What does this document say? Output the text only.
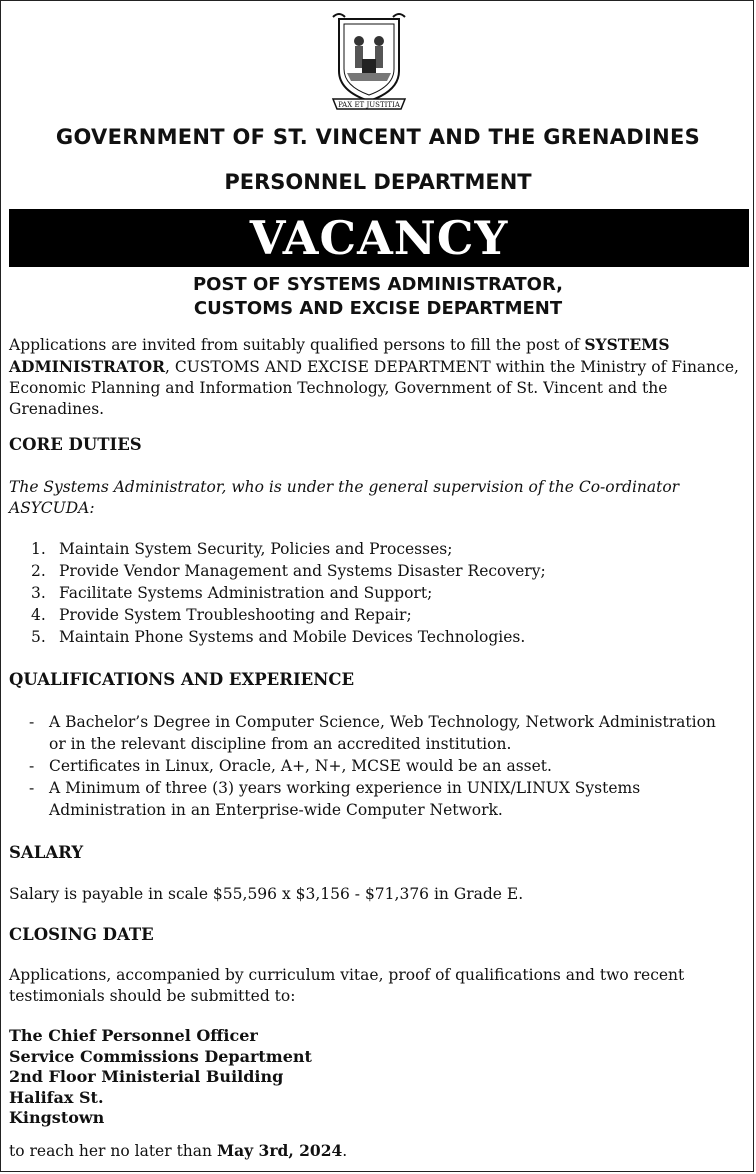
PAX ET JUSTITIA
GOVERNMENT OF ST. VINCENT AND THE GRENADINES
PERSONNEL DEPARTMENT
VACANCY
POST OF SYSTEMS ADMINISTRATOR,
CUSTOMS AND EXCISE DEPARTMENT
Applications are invited from suitably qualified persons to fill the post of SYSTEMS ADMINISTRATOR, CUSTOMS AND EXCISE DEPARTMENT within the Ministry of Finance, Economic Planning and Information Technology, Government of St. Vincent and the Grenadines.
CORE DUTIES
The Systems Administrator, who is under the general supervision of the Co-ordinator ASYCUDA:
1. Maintain System Security, Policies and Processes;
2. Provide Vendor Management and Systems Disaster Recovery;
3. Facilitate Systems Administration and Support;
4. Provide System Troubleshooting and Repair;
5. Maintain Phone Systems and Mobile Devices Technologies.
QUALIFICATIONS AND EXPERIENCE
- A Bachelor’s Degree in Computer Science, Web Technology, Network Administration or in the relevant discipline from an accredited institution.
- Certificates in Linux, Oracle, A+, N+, MCSE would be an asset.
- A Minimum of three (3) years working experience in UNIX/LINUX Systems Administration in an Enterprise-wide Computer Network.
SALARY
Salary is payable in scale $55,596 x $3,156 - $71,376 in Grade E.
CLOSING DATE
Applications, accompanied by curriculum vitae, proof of qualifications and two recent testimonials should be submitted to:
The Chief Personnel Officer
Service Commissions Department
2nd Floor Ministerial Building
Halifax St.
Kingstown
to reach her no later than May 3rd, 2024.
